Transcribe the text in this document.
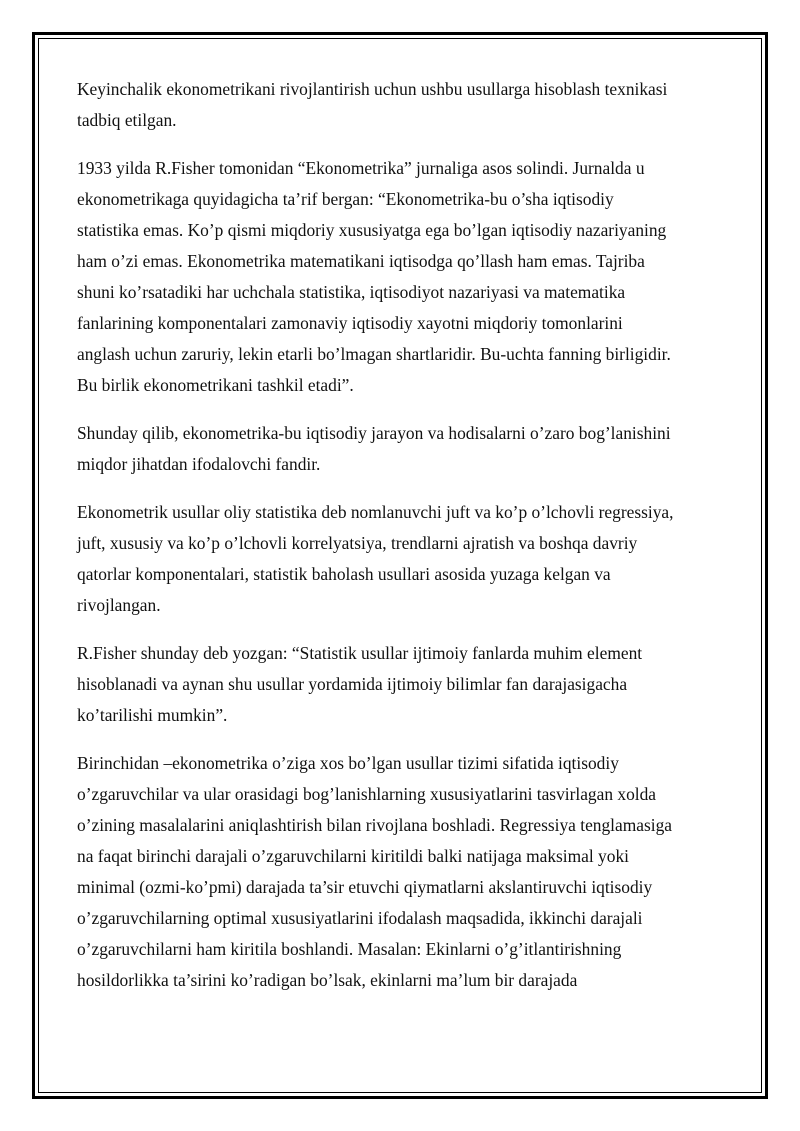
Keyinchalik ekonometrikani rivojlantirish uchun ushbu usullarga hisoblash texnikasi
tadbiq etilgan.

1933 yilda R.Fisher tomonidan “Ekonometrika” jurnaliga asos solindi. Jurnalda u
ekonometrikaga quyidagicha ta’rif bergan: “Ekonometrika-bu o’sha iqtisodiy
statistika emas. Ko’p qismi miqdoriy xususiyatga ega bo’lgan iqtisodiy nazariyaning
ham o’zi emas. Ekonometrika matematikani iqtisodga qo’llash ham emas. Tajriba
shuni ko’rsatadiki har uchchala statistika, iqtisodiyot nazariyasi va matematika
fanlarining komponentalari zamonaviy iqtisodiy xayotni miqdoriy tomonlarini
anglash uchun zaruriy, lekin etarli bo’lmagan shartlaridir. Bu-uchta fanning birligidir.
Bu birlik ekonometrikani tashkil etadi”.

Shunday qilib, ekonometrika-bu iqtisodiy jarayon va hodisalarni o’zaro bog’lanishini
miqdor jihatdan ifodalovchi fandir.

Ekonometrik usullar oliy statistika deb nomlanuvchi juft va ko’p o’lchovli regressiya,
juft, xususiy va ko’p o’lchovli korrelyatsiya, trendlarni ajratish va boshqa davriy
qatorlar komponentalari, statistik baholash usullari asosida yuzaga kelgan va
rivojlangan.

R.Fisher shunday deb yozgan: “Statistik usullar ijtimoiy fanlarda muhim element
hisoblanadi va aynan shu usullar yordamida ijtimoiy bilimlar fan darajasigacha
ko’tarilishi mumkin”.

Birinchidan –ekonometrika o’ziga xos bo’lgan usullar tizimi sifatida iqtisodiy
o’zgaruvchilar va ular orasidagi bog’lanishlarning xususiyatlarini tasvirlagan xolda
o’zining masalalarini aniqlashtirish bilan rivojlana boshladi. Regressiya tenglamasiga
na faqat birinchi darajali o’zgaruvchilarni kiritildi balki natijaga maksimal yoki
minimal (ozmi-ko’pmi) darajada ta’sir etuvchi qiymatlarni akslantiruvchi iqtisodiy
o’zgaruvchilarning optimal xususiyatlarini ifodalash maqsadida, ikkinchi darajali
o’zgaruvchilarni ham kiritila boshlandi. Masalan: Ekinlarni o’g’itlantirishning
hosildorlikka ta’sirini ko’radigan bo’lsak, ekinlarni ma’lum bir darajada
